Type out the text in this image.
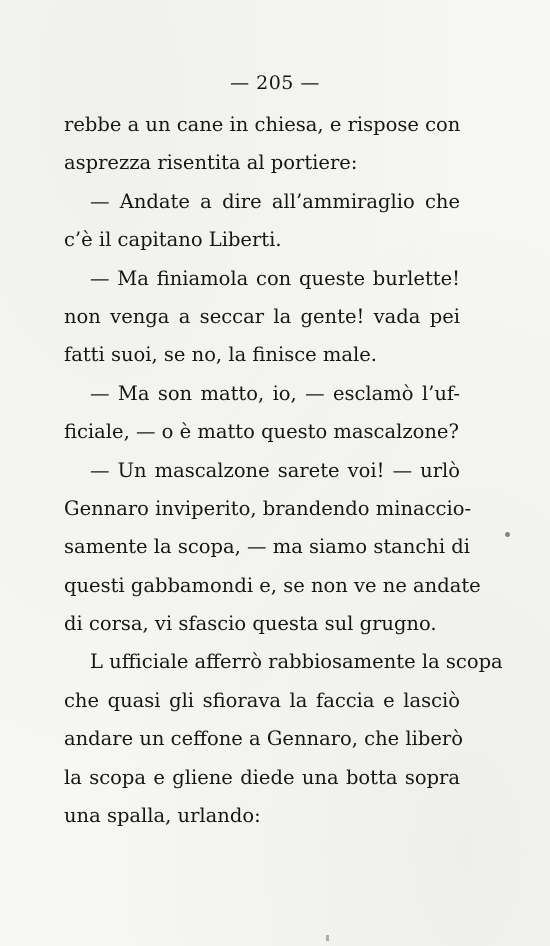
— 205 —
rebbe a un cane in chiesa, e rispose con
asprezza risentita al portiere:
— Andate a dire all’ammiraglio che
c’è il capitano Liberti.
— Ma finiamola con queste burlette!
non venga a seccar la gente! vada pei
fatti suoi, se no, la finisce male.
— Ma son matto, io, — esclamò l’uf-
ficiale, — o è matto questo mascalzone?
— Un mascalzone sarete voi! — urlò
Gennaro inviperito, brandendo minaccio-
samente la scopa, — ma siamo stanchi di
questi gabbamondi e, se non ve ne andate
di corsa, vi sfascio questa sul grugno.
L ufficiale afferrò rabbiosamente la scopa
che quasi gli sfiorava la faccia e lasciò
andare un ceffone a Gennaro, che liberò
la scopa e gliene diede una botta sopra
una spalla, urlando:
